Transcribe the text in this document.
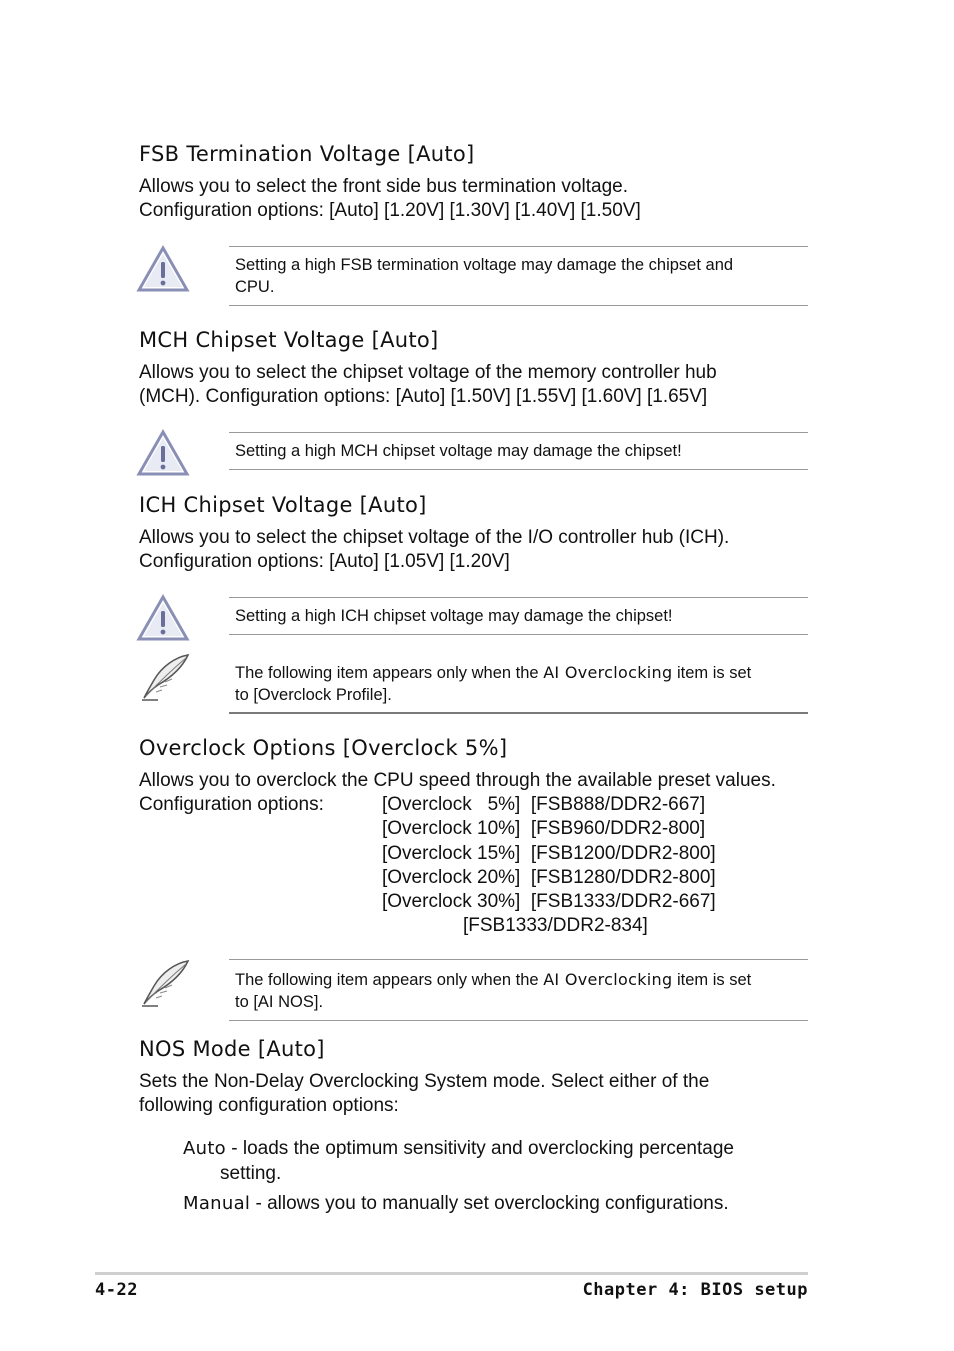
FSB Termination Voltage [Auto]
Allows you to select the front side bus termination voltage.
Configuration options: [Auto] [1.20V] [1.30V] [1.40V] [1.50V]
Setting a high FSB termination voltage may damage the chipset and
CPU.
MCH Chipset Voltage [Auto]
Allows you to select the chipset voltage of the memory controller hub
(MCH). Configuration options: [Auto] [1.50V] [1.55V] [1.60V] [1.65V]
Setting a high MCH chipset voltage may damage the chipset!
ICH Chipset Voltage [Auto]
Allows you to select the chipset voltage of the I/O controller hub (ICH).
Configuration options: [Auto] [1.05V] [1.20V]
Setting a high ICH chipset voltage may damage the chipset!
The following item appears only when the AI Overclocking item is set
to [Overclock Profile].
Overclock Options [Overclock 5%]
Allows you to overclock the CPU speed through the available preset values.
Configuration options:	[Overclock   5%]  [FSB888/DDR2-667]
[Overclock 10%]  [FSB960/DDR2-800]
[Overclock 15%]  [FSB1200/DDR2-800]
[Overclock 20%]  [FSB1280/DDR2-800]
[Overclock 30%]  [FSB1333/DDR2-667]
[FSB1333/DDR2-834]
The following item appears only when the AI Overclocking item is set
to [AI NOS].
NOS Mode [Auto]
Sets the Non-Delay Overclocking System mode. Select either of the
following configuration options:
Auto - loads the optimum sensitivity and overclocking percentage
setting.
Manual - allows you to manually set overclocking configurations.
4-22	Chapter 4: BIOS setup
